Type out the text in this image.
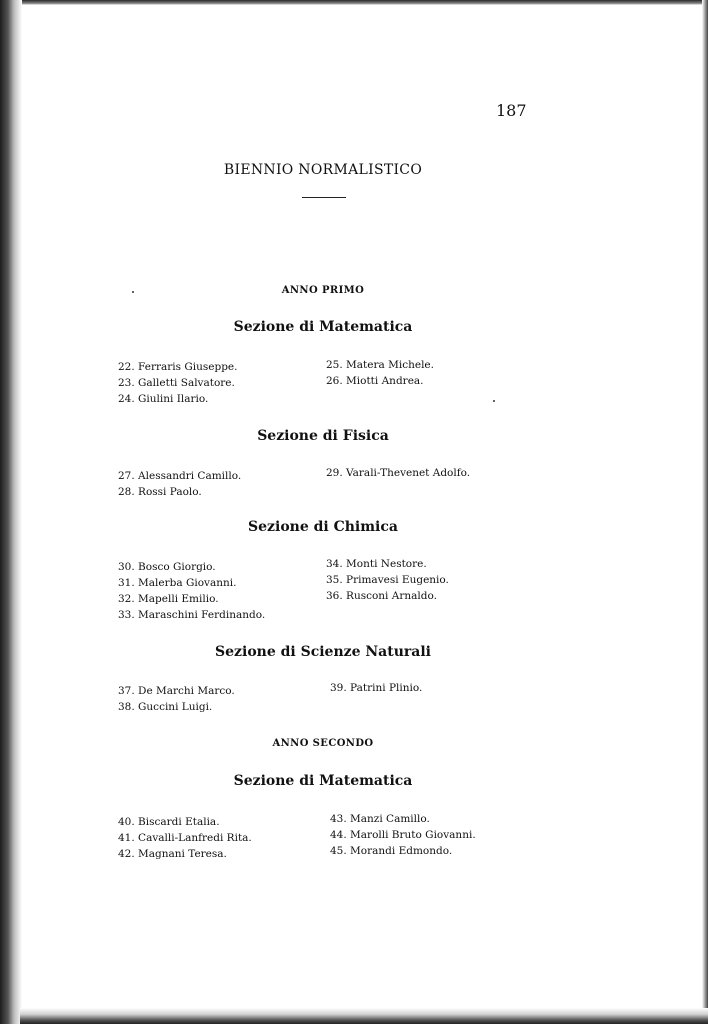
187
BIENNIO NORMALISTICO
ANNO PRIMO
Sezione di Matematica
22. Ferraris Giuseppe.
23. Galletti Salvatore.
24. Giulini Ilario.
25. Matera Michele.
26. Miotti Andrea.
Sezione di Fisica
27. Alessandri Camillo.
28. Rossi Paolo.
29. Varali-Thevenet Adolfo.
Sezione di Chimica
30. Bosco Giorgio.
31. Malerba Giovanni.
32. Mapelli Emilio.
33. Maraschini Ferdinando.
34. Monti Nestore.
35. Primavesi Eugenio.
36. Rusconi Arnaldo.
Sezione di Scienze Naturali
37. De Marchi Marco.
38. Guccini Luigi.
39. Patrini Plinio.
ANNO SECONDO
Sezione di Matematica
40. Biscardi Etalia.
41. Cavalli-Lanfredi Rita.
42. Magnani Teresa.
43. Manzi Camillo.
44. Marolli Bruto Giovanni.
45. Morandi Edmondo.
